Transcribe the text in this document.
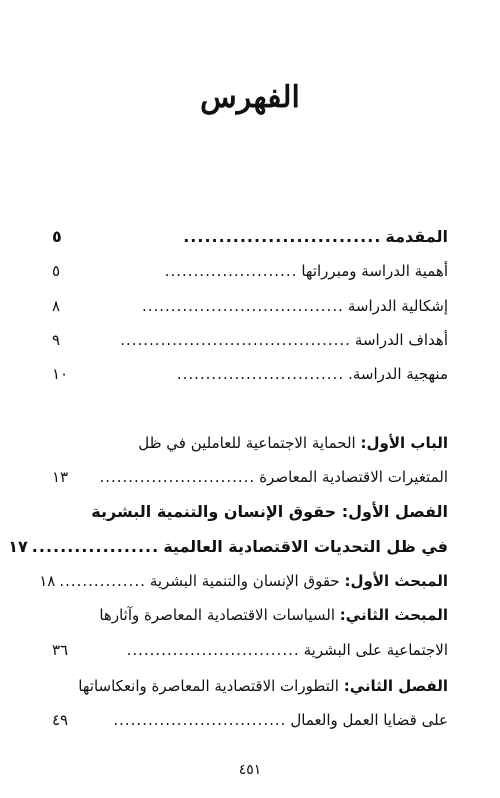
الفهرس
المقدمة
............................
٥
أهمية الدراسة ومبرراتها
.......................
٥
إشكالية الدراسة
...................................
٨
أهداف الدراسة
........................................
٩
منهجية الدراسة.
.............................
١٠
الباب الأول: الحماية الاجتماعية للعاملين في ظل
المتغيرات الاقتصادية المعاصرة
...........................
١٣
الفصل الأول: حقوق الإنسان والتنمية البشرية
في ظل التحديات الاقتصادية العالمية
..................
١٧
المبحث الأول: حقوق الإنسان والتنمية البشرية
...............
١٨
المبحث الثاني: السياسات الاقتصادية المعاصرة وآثارها
الاجتماعية على البشرية
..............................
٣٦
الفصل الثاني: التطورات الاقتصادية المعاصرة وانعكاساتها
على قضايا العمل والعمال
..............................
٤٩
٤٥١
